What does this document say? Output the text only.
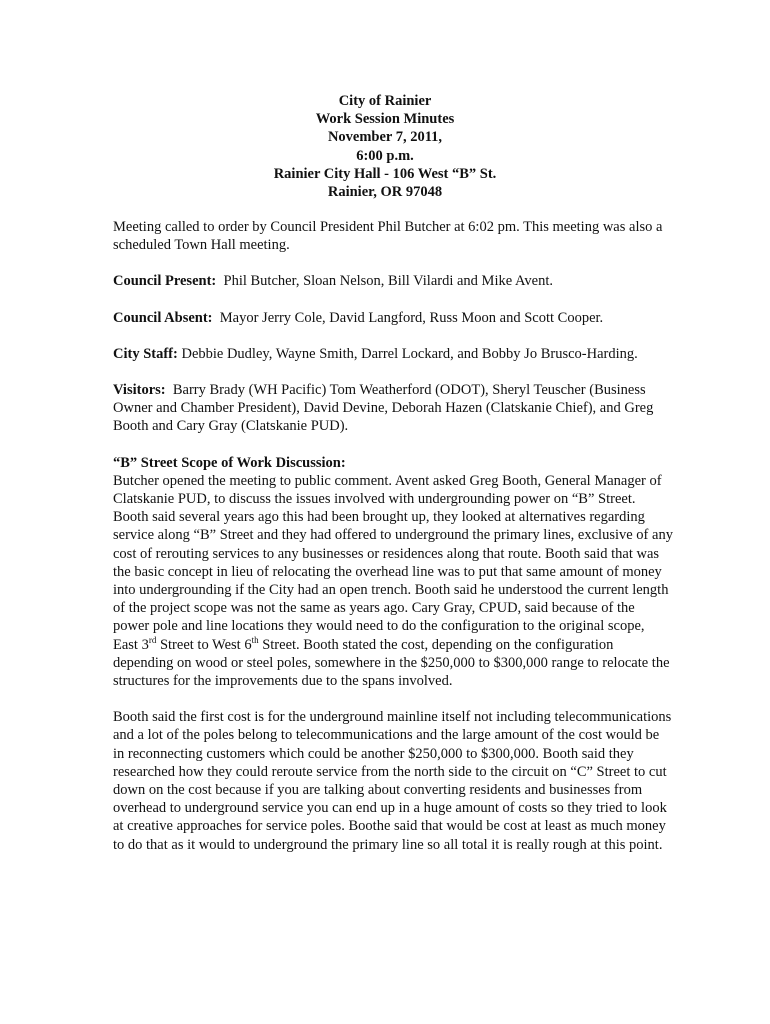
City of Rainier
Work Session Minutes
November 7, 2011,
6:00 p.m.
Rainier City Hall - 106 West “B” St.
Rainier, OR 97048

Meeting called to order by Council President Phil Butcher at 6:02 pm. This meeting was also a scheduled Town Hall meeting.

Council Present: Phil Butcher, Sloan Nelson, Bill Vilardi and Mike Avent.

Council Absent: Mayor Jerry Cole, David Langford, Russ Moon and Scott Cooper.

City Staff: Debbie Dudley, Wayne Smith, Darrel Lockard, and Bobby Jo Brusco-Harding.

Visitors: Barry Brady (WH Pacific) Tom Weatherford (ODOT), Sheryl Teuscher (Business Owner and Chamber President), David Devine, Deborah Hazen (Clatskanie Chief), and Greg Booth and Cary Gray (Clatskanie PUD).

“B” Street Scope of Work Discussion:

Butcher opened the meeting to public comment. Avent asked Greg Booth, General Manager of Clatskanie PUD, to discuss the issues involved with undergrounding power on “B” Street. Booth said several years ago this had been brought up, they looked at alternatives regarding service along “B” Street and they had offered to underground the primary lines, exclusive of any cost of rerouting services to any businesses or residences along that route. Booth said that was the basic concept in lieu of relocating the overhead line was to put that same amount of money into undergrounding if the City had an open trench. Booth said he understood the current length of the project scope was not the same as years ago. Cary Gray, CPUD, said because of the power pole and line locations they would need to do the configuration to the original scope, East 3rd Street to West 6th Street. Booth stated the cost, depending on the configuration depending on wood or steel poles, somewhere in the $250,000 to $300,000 range to relocate the structures for the improvements due to the spans involved.

Booth said the first cost is for the underground mainline itself not including telecommunications and a lot of the poles belong to telecommunications and the large amount of the cost would be in reconnecting customers which could be another $250,000 to $300,000. Booth said they researched how they could reroute service from the north side to the circuit on “C” Street to cut down on the cost because if you are talking about converting residents and businesses from overhead to underground service you can end up in a huge amount of costs so they tried to look at creative approaches for service poles. Boothe said that would be cost at least as much money to do that as it would to underground the primary line so all total it is really rough at this point.
